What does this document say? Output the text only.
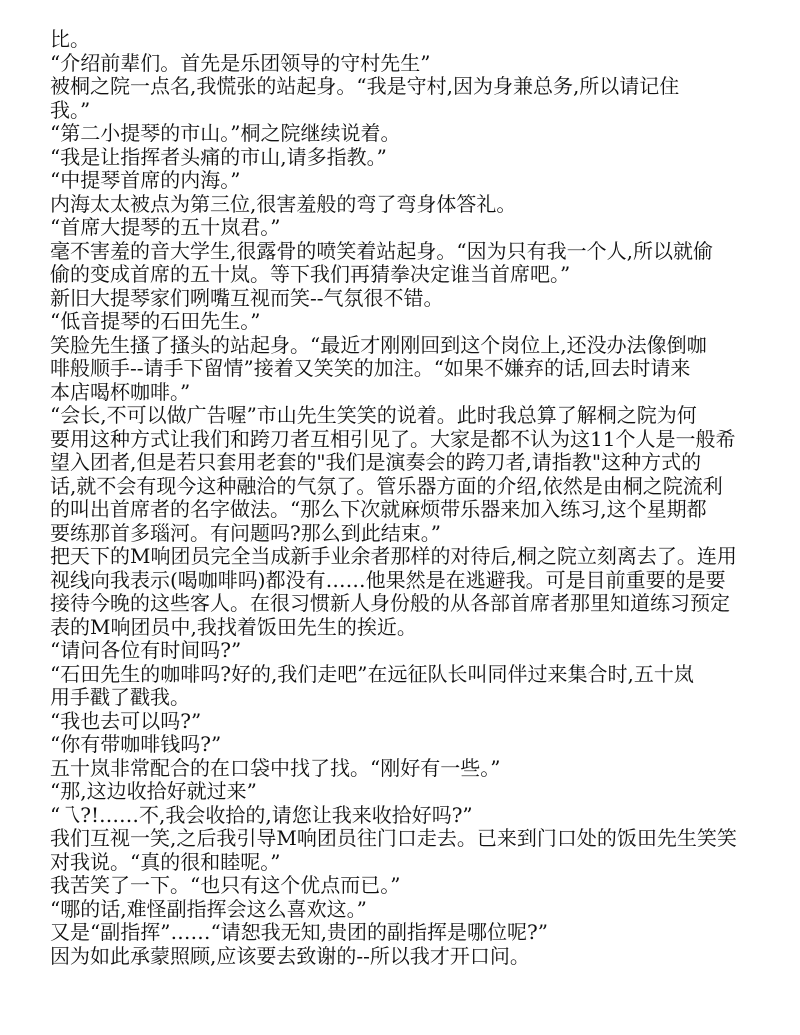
比。
“介绍前辈们。首先是乐团领导的守村先生”
被桐之院一点名,我慌张的站起身。“我是守村,因为身兼总务,所以请记住
我。”
“第二小提琴的市山。”桐之院继续说着。
“我是让指挥者头痛的市山,请多指教。”
“中提琴首席的内海。”
内海太太被点为第三位,很害羞般的弯了弯身体答礼。
“首席大提琴的五十岚君。”
毫不害羞的音大学生,很露骨的喷笑着站起身。“因为只有我一个人,所以就偷
偷的变成首席的五十岚。等下我们再猜拳决定谁当首席吧。”
新旧大提琴家们咧嘴互视而笑--气氛很不错。
“低音提琴的石田先生。”
笑脸先生搔了搔头的站起身。“最近才刚刚回到这个岗位上,还没办法像倒咖
啡般顺手--请手下留情”接着又笑笑的加注。“如果不嫌弃的话,回去时请来
本店喝杯咖啡。”
“会长,不可以做广告喔”市山先生笑笑的说着。此时我总算了解桐之院为何
要用这种方式让我们和跨刀者互相引见了。大家是都不认为这11个人是一般希
望入团者,但是若只套用老套的"我们是演奏会的跨刀者,请指教"这种方式的
话,就不会有现今这种融洽的气氛了。管乐器方面的介绍,依然是由桐之院流利
的叫出首席者的名字做法。“那么下次就麻烦带乐器来加入练习,这个星期都
要练那首多瑙河。有问题吗?那么到此结束。”
把天下的M响团员完全当成新手业余者那样的对待后,桐之院立刻离去了。连用
视线向我表示(喝咖啡吗)都没有……他果然是在逃避我。可是目前重要的是要
接待今晚的这些客人。在很习惯新人身份般的从各部首席者那里知道练习预定
表的M响团员中,我找着饭田先生的挨近。
“请问各位有时间吗?”
“石田先生的咖啡吗?好的,我们走吧”在远征队长叫同伴过来集合时,五十岚
用手戳了戳我。
“我也去可以吗?”
“你有带咖啡钱吗?”
五十岚非常配合的在口袋中找了找。“刚好有一些。”
“那,这边收拾好就过来”
“乁?!……不,我会收拾的,请您让我来收拾好吗?”
我们互视一笑,之后我引导M响团员往门口走去。已来到门口处的饭田先生笑笑
对我说。“真的很和睦呢。”
我苦笑了一下。“也只有这个优点而已。”
“哪的话,难怪副指挥会这么喜欢这。”
又是“副指挥”……“请恕我无知,贵团的副指挥是哪位呢?”
因为如此承蒙照顾,应该要去致谢的--所以我才开口问。
